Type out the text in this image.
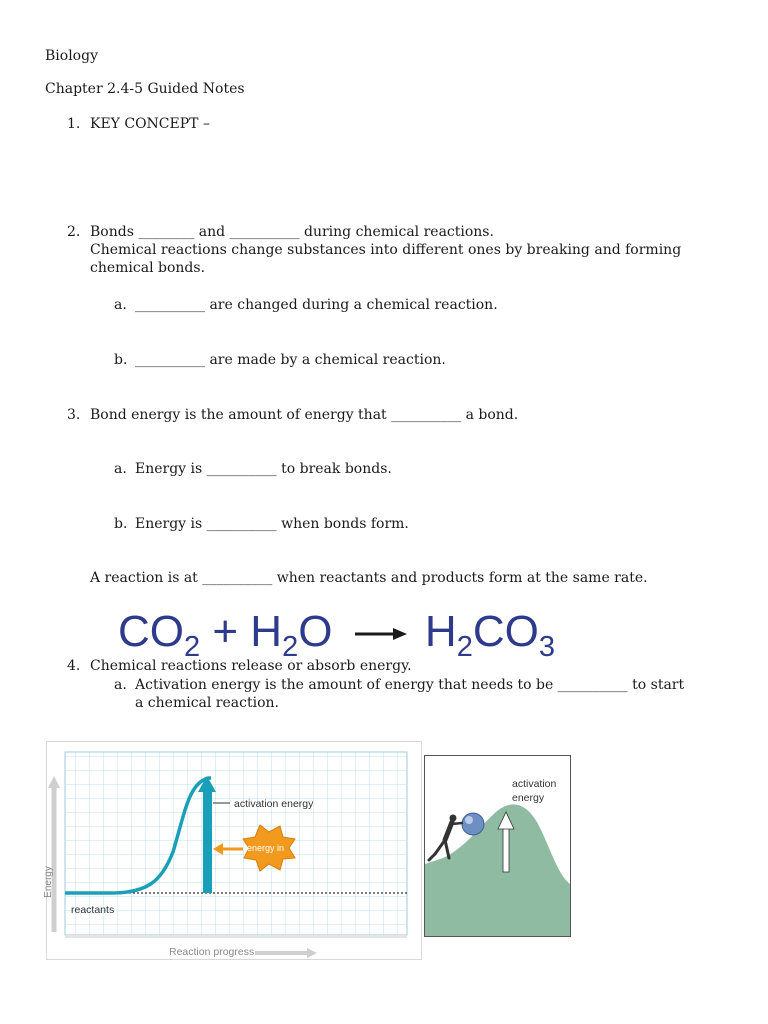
Biology
Chapter 2.4-5 Guided Notes
1. KEY CONCEPT –
2. Bonds ________ and __________ during chemical reactions.
Chemical reactions change substances into different ones by breaking and forming
chemical bonds.
a. __________ are changed during a chemical reaction.
b. __________ are made by a chemical reaction.
3. Bond energy is the amount of energy that __________ a bond.
a. Energy is __________ to break bonds.
b. Energy is __________ when bonds form.
A reaction is at __________ when reactants and products form at the same rate.
$CO_2 + H_2O \to H_2CO_3$
4. Chemical reactions release or absorb energy.
a. Activation energy is the amount of energy that needs to be __________ to start
a chemical reaction.
activation energy
energy in
reactants
Energy
Reaction progress
activation
energy
